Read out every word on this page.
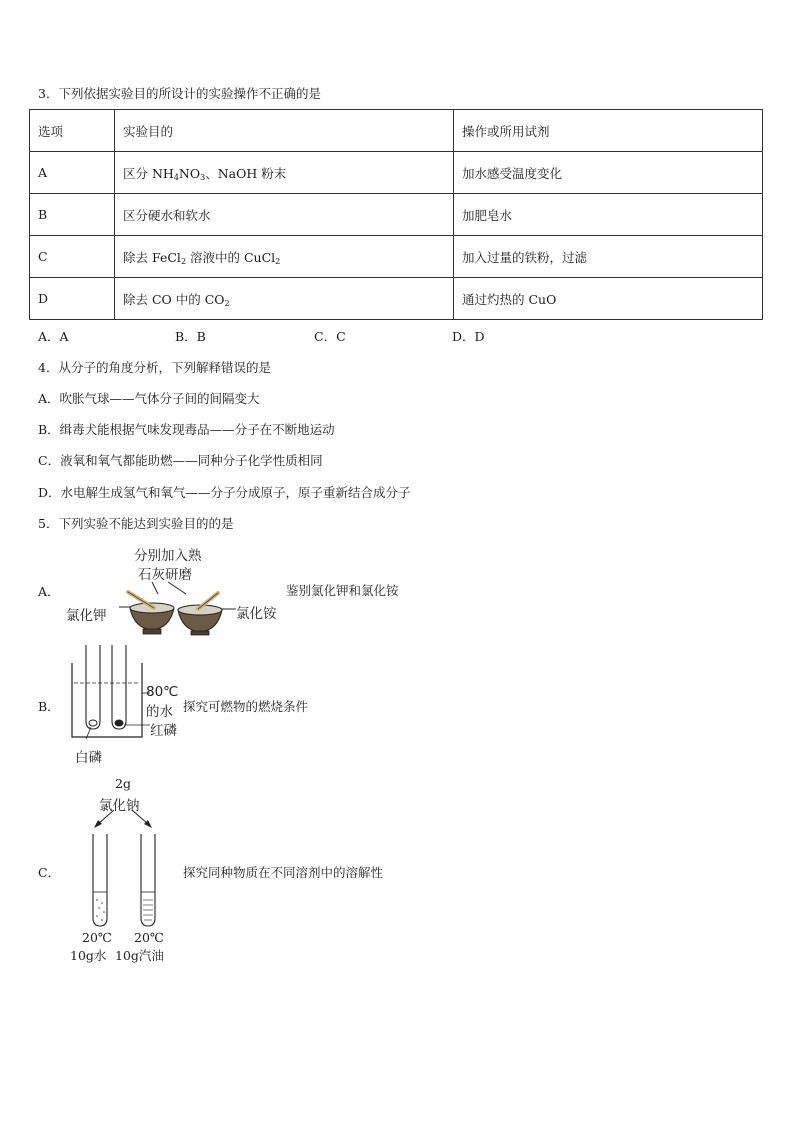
3．下列依据实验目的所设计的实验操作不正确的是
选项	实验目的	操作或所用试剂
A	区分 $NH_4NO_3$、NaOH 粉末	加水感受温度变化
B	区分硬水和软水	加肥皂水
C	除去 FeCl$_2$ 溶液中的 CuCl$_2$	加入过量的铁粉，过滤
D	除去 CO 中的 $CO_2$	通过灼热的 CuO
A．A	B．B	C．C	D．D
4．从分子的角度分析，下列解释错误的是
A．吹胀气球——气体分子间的间隔变大
B．缉毒犬能根据气味发现毒品——分子在不断地运动
C．液氧和氧气都能助燃——同种分子化学性质相同
D．水电解生成氢气和氧气——分子分成原子，原子重新结合成分子
5．下列实验不能达到实验目的的是
A．
分别加入熟
石灰研磨
氯化钾	氯化铵
鉴别氯化钾和氯化铵
B．
80℃
的水
红磷
白磷
探究可燃物的燃烧条件
C．
2g
氯化钠
20℃
10g水
20℃
10g汽油
探究同种物质在不同溶剂中的溶解性
